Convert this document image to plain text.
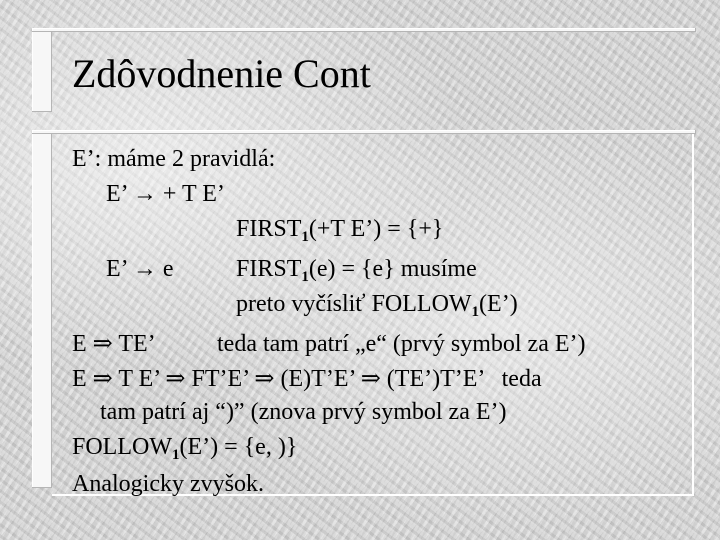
Zdôvodnenie Cont

E’: máme 2 pravidlá:

E’ → + T E’

$FIRST_1(+T$ E’) = {+}

E’ → e	$FIRST_1(e) = \{e\}$ musíme

preto vyčísliť $FOLLOW_1(E’)$

E ⇒ TE’	teda tam patrí „e“ (prvý symbol za E’)

E ⇒ T E’ ⇒ FT’E’ ⇒ (E)T’E’ ⇒ (TE’)T’E’   teda

tam patrí aj “)” (znova prvý symbol za E’)

$FOLLOW_1(E’) = \{e$, )}

Analogicky zvyšok.
